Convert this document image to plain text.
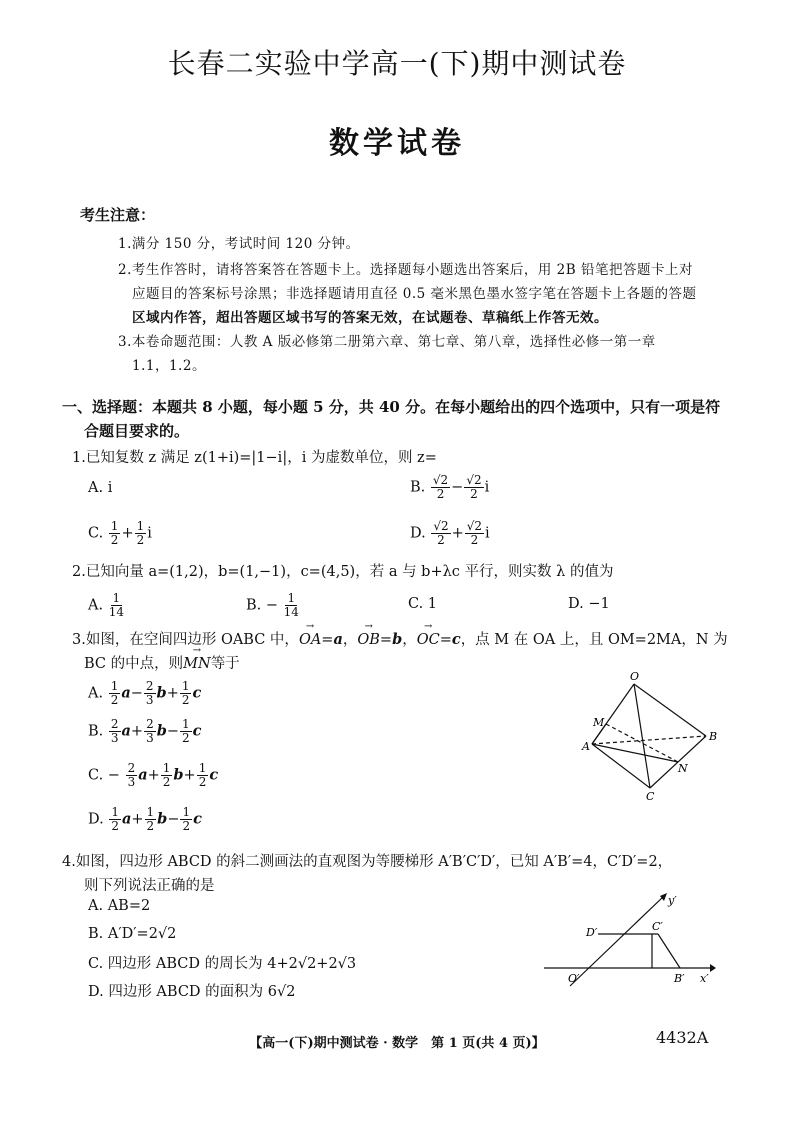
长春二实验中学高一(下)期中测试卷
数学试卷
考生注意：
1.满分 150 分，考试时间 120 分钟。
2.考生作答时，请将答案答在答题卡上。选择题每小题选出答案后，用 2B 铅笔把答题卡上对
应题目的答案标号涂黑；非选择题请用直径 0.5 毫米黑色墨水签字笔在答题卡上各题的答题
区域内作答，超出答题区域书写的答案无效，在试题卷、草稿纸上作答无效。
3.本卷命题范围：人教 A 版必修第二册第六章、第七章、第八章，选择性必修一第一章
1.1，1.2。
一、选择题：本题共 8 小题，每小题 5 分，共 40 分。在每小题给出的四个选项中，只有一项是符
合题目要求的。
1.已知复数 z 满足 z(1+i)=|1−i|，i 为虚数单位，则 z=
A. i	B. $\frac{√2}{2} - \frac{√2}{2}$ i
C. $\frac{1}{2} + \frac{1}{2}$ i	D. $\frac{√2}{2} + \frac{√2}{2}$ i
2.已知向量 a=(1,2)，b=(1,−1)，c=(4,5)，若 a 与 b+λc 平行，则实数 λ 的值为
A. $\frac{1}{14}$	B. − $\frac{1}{14}$	C. 1	D. −1
3.如图，在空间四边形 OABC 中，→ OA=a，→ OB=b，→ OC=c，点 M 在 OA 上，且 OM=2MA，N 为
BC 的中点，则→ MN等于
A. $\frac{1}{2} a- \frac{2}{3} b+ \frac{1}{2}$ c
B. $\frac{2}{3} a+ \frac{2}{3} b- \frac{1}{2}$ c
C. − $\frac{2}{3} a+ \frac{1}{2} b+ \frac{1}{2}$ c
D. $\frac{1}{2} a+ \frac{1}{2} b- \frac{1}{2}$ c
O
M
A
B
N
C
4.如图，四边形 ABCD 的斜二测画法的直观图为等腰梯形 A′B′C′D′，已知 A′B′=4，C′D′=2，
则下列说法正确的是
A. AB=2
B. A′D′=2√2
C. 四边形 ABCD 的周长为 4+2√2+2√3
D. 四边形 ABCD 的面积为 6√2
y′
D′	C′
O′	B′ x′
【高一(下)期中测试卷 · 数学　第 1 页(共 4 页)】	4432A
